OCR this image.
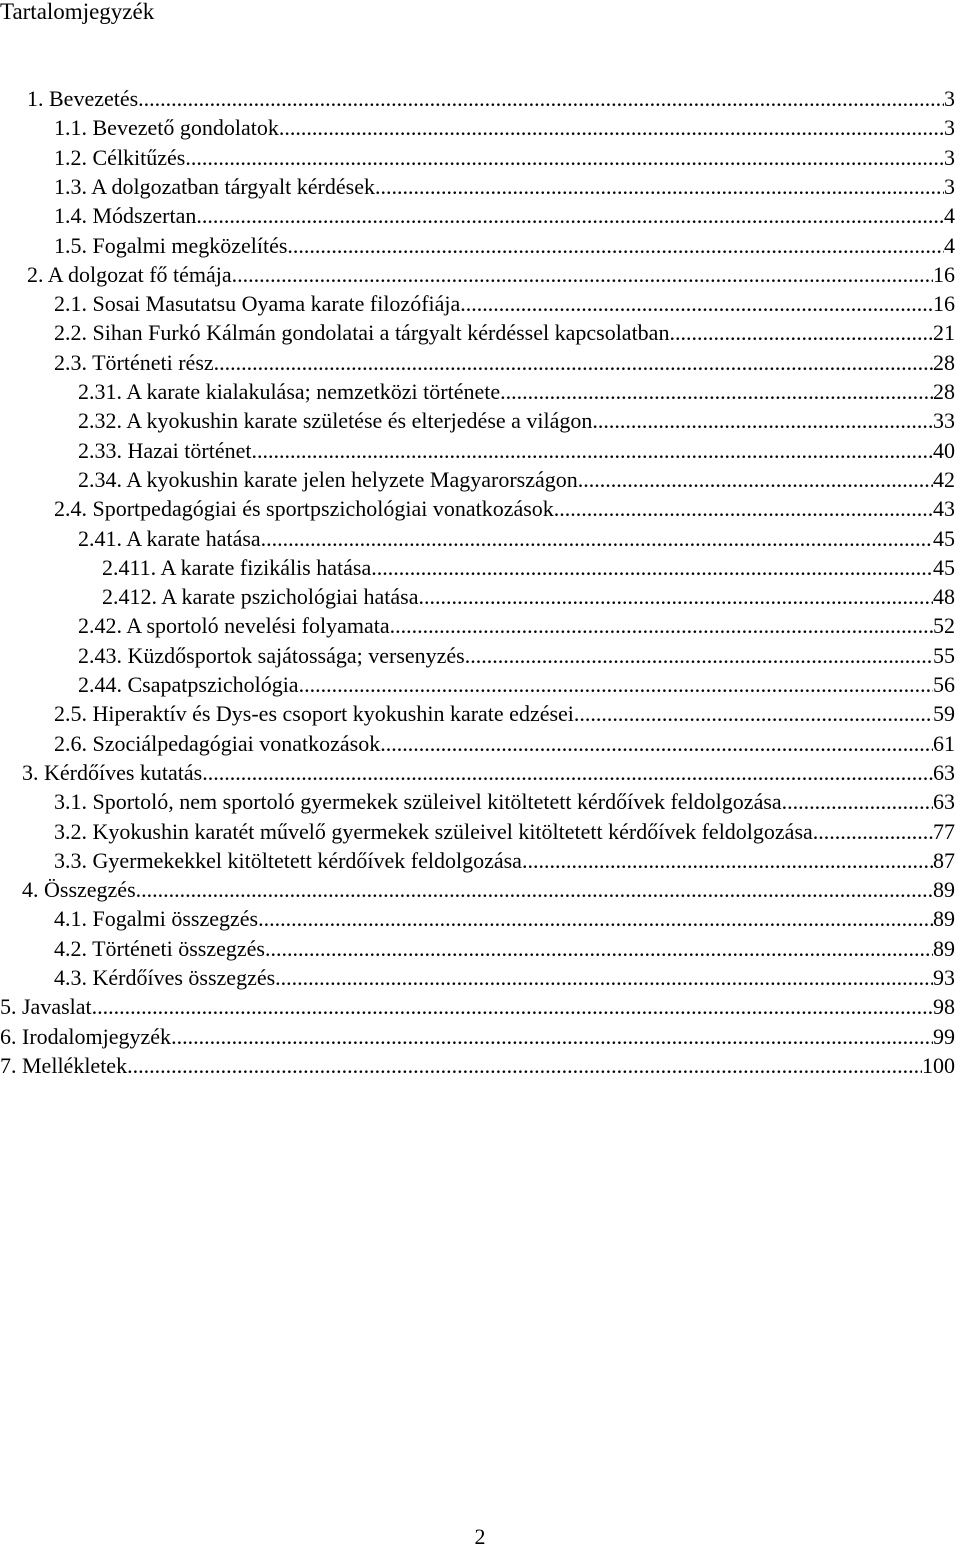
Tartalomjegyzék
1. Bevezetés .....	3
1.1. Bevezető gondolatok .....	3
1.2. Célkitűzés .....	3
1.3. A dolgozatban tárgyalt kérdések .....	3
1.4. Módszertan .....	4
1.5. Fogalmi megközelítés .....	4
2. A dolgozat fő témája .....	16
2.1. Sosai Masutatsu Oyama karate filozófiája .....	16
2.2. Sihan Furkó Kálmán gondolatai a tárgyalt kérdéssel kapcsolatban .....	21
2.3. Történeti rész .....	28
2.31. A karate kialakulása; nemzetközi története .....	28
2.32. A kyokushin karate születése és elterjedése a világon .....	33
2.33. Hazai történet .....	40
2.34. A kyokushin karate jelen helyzete Magyarországon .....	42
2.4. Sportpedagógiai és sportpszichológiai vonatkozások .....	43
2.41. A karate hatása .....	45
2.411. A karate fizikális hatása .....	45
2.412. A karate pszichológiai hatása .....	48
2.42. A sportoló nevelési folyamata .....	52
2.43. Küzdősportok sajátossága; versenyzés .....	55
2.44. Csapatpszichológia .....	56
2.5. Hiperaktív és Dys-es csoport kyokushin karate edzései .....	59
2.6. Szociálpedagógiai vonatkozások .....	61
3. Kérdőíves kutatás .....	63
3.1. Sportoló, nem sportoló gyermekek szüleivel kitöltetett kérdőívek feldolgozása .....	63
3.2. Kyokushin karatét művelő gyermekek szüleivel kitöltetett kérdőívek feldolgozása .....	77
3.3. Gyermekekkel kitöltetett kérdőívek feldolgozása .....	87
4. Összegzés .....	89
4.1. Fogalmi összegzés .....	89
4.2. Történeti összegzés .....	89
4.3. Kérdőíves összegzés .....	93
5. Javaslat .....	98
6. Irodalomjegyzék .....	99
7. Mellékletek .....	100
2
